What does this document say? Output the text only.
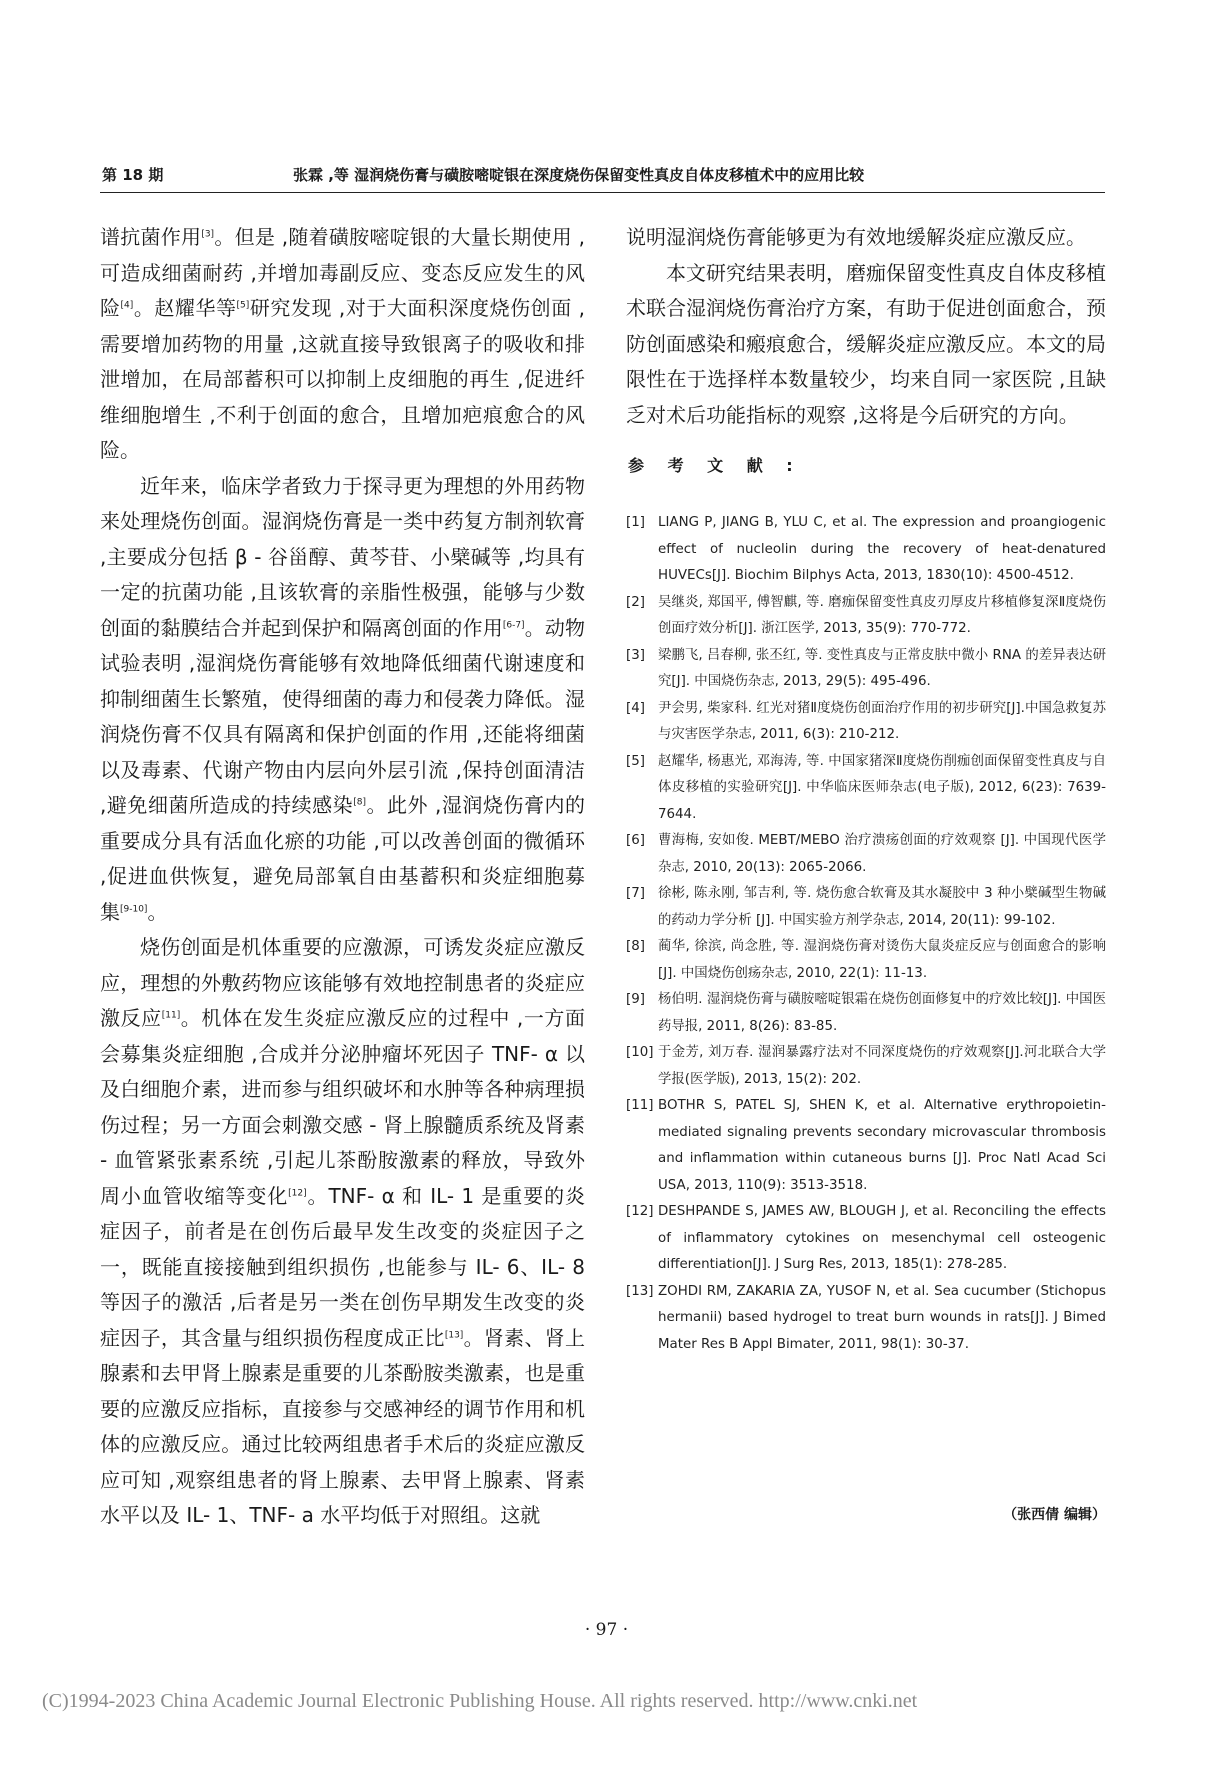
第 18 期	张霖 ,等 湿润烧伤膏与磺胺嘧啶银在深度烧伤保留变性真皮自体皮移植术中的应用比较

谱抗菌作用[3]。但是 ,随着磺胺嘧啶银的大量长期使用 ,可造成细菌耐药 ,并增加毒副反应、变态反应发生的风险[4]。赵耀华等[5]研究发现 ,对于大面积深度烧伤创面 ,需要增加药物的用量 ,这就直接导致银离子的吸收和排泄增加，在局部蓄积可以抑制上皮细胞的再生 ,促进纤维细胞增生 ,不利于创面的愈合，且增加疤痕愈合的风险。

近年来，临床学者致力于探寻更为理想的外用药物来处理烧伤创面。湿润烧伤膏是一类中药复方制剂软膏 ,主要成分包括 β - 谷甾醇、黄芩苷、小檗碱等 ,均具有一定的抗菌功能 ,且该软膏的亲脂性极强，能够与少数创面的黏膜结合并起到保护和隔离创面的作用[6-7]。动物试验表明 ,湿润烧伤膏能够有效地降低细菌代谢速度和抑制细菌生长繁殖，使得细菌的毒力和侵袭力降低。湿润烧伤膏不仅具有隔离和保护创面的作用 ,还能将细菌以及毒素、代谢产物由内层向外层引流 ,保持创面清洁 ,避免细菌所造成的持续感染[8]。此外 ,湿润烧伤膏内的重要成分具有活血化瘀的功能 ,可以改善创面的微循环 ,促进血供恢复，避免局部氧自由基蓄积和炎症细胞募集[9-10]。

烧伤创面是机体重要的应激源，可诱发炎症应激反应，理想的外敷药物应该能够有效地控制患者的炎症应激反应[11]。机体在发生炎症应激反应的过程中 ,一方面会募集炎症细胞 ,合成并分泌肿瘤坏死因子 TNF- α 以及白细胞介素，进而参与组织破坏和水肿等各种病理损伤过程；另一方面会刺激交感 - 肾上腺髓质系统及肾素 - 血管紧张素系统 ,引起儿茶酚胺激素的释放，导致外周小血管收缩等变化[12]。TNF- α 和 IL- 1 是重要的炎症因子，前者是在创伤后最早发生改变的炎症因子之一，既能直接接触到组织损伤 ,也能参与 IL- 6、IL- 8 等因子的激活 ,后者是另一类在创伤早期发生改变的炎症因子，其含量与组织损伤程度成正比[13]。肾素、肾上腺素和去甲肾上腺素是重要的儿茶酚胺类激素，也是重要的应激反应指标，直接参与交感神经的调节作用和机体的应激反应。通过比较两组患者手术后的炎症应激反应可知 ,观察组患者的肾上腺素、去甲肾上腺素、肾素水平以及 IL- 1、TNF- a 水平均低于对照组。这就

说明湿润烧伤膏能够更为有效地缓解炎症应激反应。

本文研究结果表明，磨痂保留变性真皮自体皮移植术联合湿润烧伤膏治疗方案，有助于促进创面愈合，预防创面感染和瘢痕愈合，缓解炎症应激反应。本文的局限性在于选择样本数量较少，均来自同一家医院 ,且缺乏对术后功能指标的观察 ,这将是今后研究的方向。

参 考 文 献 :
[1] LIANG P, JIANG B, YLU C, et al. The expression and proangiogenic effect of nucleolin during the recovery of heat-denatured HUVECs[J]. Biochim Bilphys Acta, 2013, 1830(10): 4500-4512.
[2] 吴继炎, 郑国平, 傅智麒, 等. 磨痂保留变性真皮刃厚皮片移植修复深Ⅱ度烧伤创面疗效分析[J]. 浙江医学, 2013, 35(9): 770-772.
[3] 梁鹏飞, 吕春柳, 张丕红, 等. 变性真皮与正常皮肤中微小 RNA 的差异表达研究[J]. 中国烧伤杂志, 2013, 29(5): 495-496.
[4] 尹会男, 柴家科. 红光对猪Ⅱ度烧伤创面治疗作用的初步研究[J].中国急救复苏与灾害医学杂志, 2011, 6(3): 210-212.
[5] 赵耀华, 杨惠光, 邓海涛, 等. 中国家猪深Ⅱ度烧伤削痂创面保留变性真皮与自体皮移植的实验研究[J]. 中华临床医师杂志(电子版), 2012, 6(23): 7639-7644.
[6] 曹海梅, 安如俊. MEBT/MEBO 治疗溃疡创面的疗效观察 [J]. 中国现代医学杂志, 2010, 20(13): 2065-2066.
[7] 徐彬, 陈永刚, 邹吉利, 等. 烧伤愈合软膏及其水凝胶中 3 种小檗碱型生物碱的药动力学分析 [J]. 中国实验方剂学杂志, 2014, 20(11): 99-102.
[8] 蔺华, 徐滨, 尚念胜, 等. 湿润烧伤膏对烫伤大鼠炎症反应与创面愈合的影响[J]. 中国烧伤创疡杂志, 2010, 22(1): 11-13.
[9] 杨伯明. 湿润烧伤膏与磺胺嘧啶银霜在烧伤创面修复中的疗效比较[J]. 中国医药导报, 2011, 8(26): 83-85.
[10] 于金芳, 刘万春. 湿润暴露疗法对不同深度烧伤的疗效观察[J].河北联合大学学报(医学版), 2013, 15(2): 202.
[11] BOTHR S, PATEL SJ, SHEN K, et al. Alternative erythropoietin-mediated signaling prevents secondary microvascular thrombosis and inflammation within cutaneous burns [J]. Proc Natl Acad Sci USA, 2013, 110(9): 3513-3518.
[12] DESHPANDE S, JAMES AW, BLOUGH J, et al. Reconciling the effects of inflammatory cytokines on mesenchymal cell osteogenic differentiation[J]. J Surg Res, 2013, 185(1): 278-285.
[13] ZOHDI RM, ZAKARIA ZA, YUSOF N, et al. Sea cucumber (Stichopus hermanii) based hydrogel to treat burn wounds in rats[J]. J Bimed Mater Res B Appl Bimater, 2011, 98(1): 30-37.
（张西倩 编辑）
· 97 ·
(C)1994-2023 China Academic Journal Electronic Publishing House. All rights reserved. http://www.cnki.net
